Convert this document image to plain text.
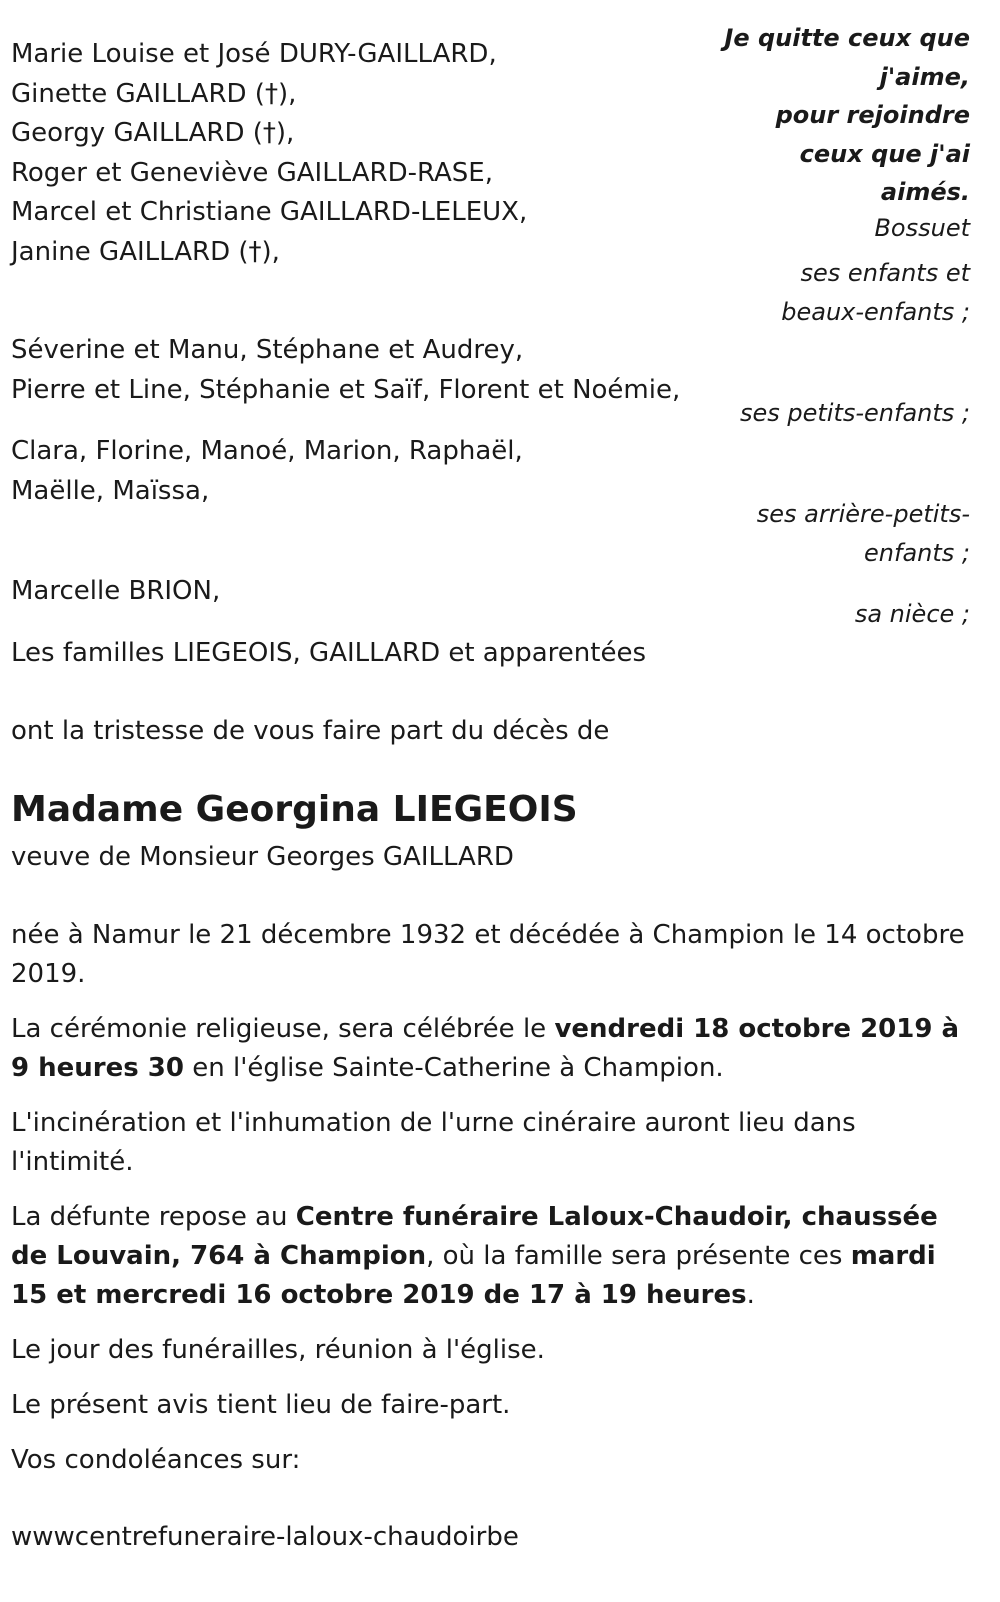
Marie Louise et José DURY-GAILLARD,
Ginette GAILLARD (†),
Georgy GAILLARD (†),
Roger et Geneviève GAILLARD-RASE,
Marcel et Christiane GAILLARD-LELEUX,
Janine GAILLARD (†),
Séverine et Manu, Stéphane et Audrey,
Pierre et Line, Stéphanie et Saïf, Florent et Noémie,
Clara, Florine, Manoé, Marion, Raphaël,
Maëlle, Maïssa,
Marcelle BRION,
Les familles LIEGEOIS, GAILLARD et apparentées
Je quitte ceux que
j'aime,
pour rejoindre
ceux que j'ai
aimés.
Bossuet
ses enfants et
beaux-enfants ;
ses petits-enfants ;
ses arrière-petits-
enfants ;
sa nièce ;
ont la tristesse de vous faire part du décès de
Madame Georgina LIEGEOIS
veuve de Monsieur Georges GAILLARD

née à Namur le 21 décembre 1932 et décédée à Champion le 14 octobre 2019.

La cérémonie religieuse, sera célébrée le vendredi 18 octobre 2019 à 9 heures 30 en l'église Sainte-Catherine à Champion.

L'incinération et l'inhumation de l'urne cinéraire auront lieu dans l'intimité.

La défunte repose au Centre funéraire Laloux-Chaudoir, chaussée de Louvain, 764 à Champion, où la famille sera présente ces mardi 15 et mercredi 16 octobre 2019 de 17 à 19 heures.

Le jour des funérailles, réunion à l'église.

Le présent avis tient lieu de faire-part.

Vos condoléances sur:

wwwcentrefuneraire-laloux-chaudoirbe
